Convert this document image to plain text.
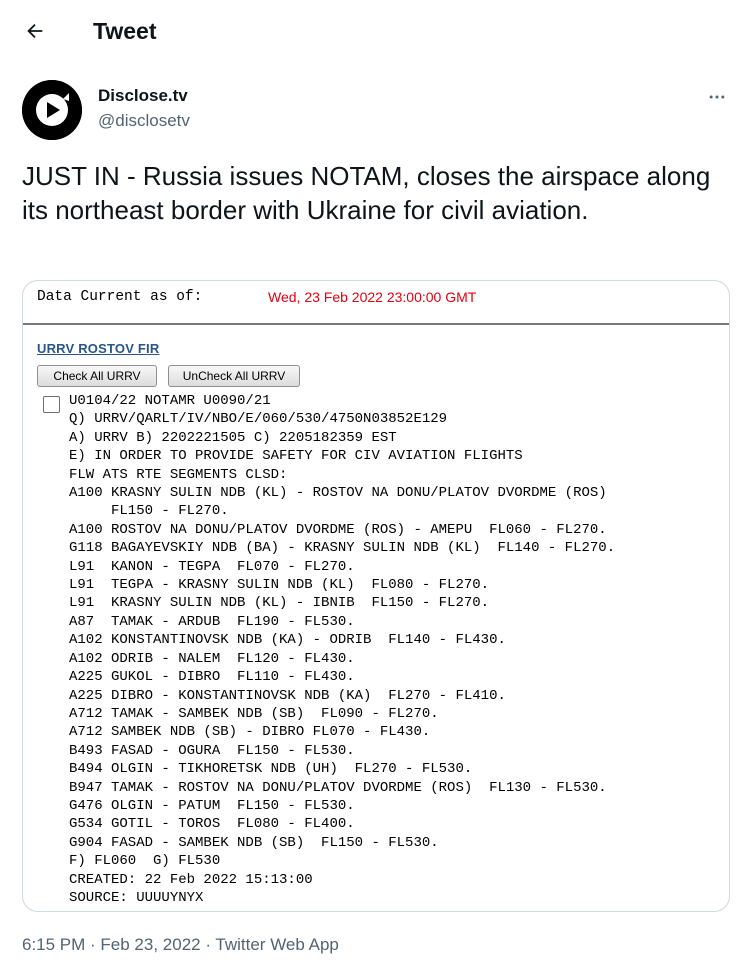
Tweet
Disclose.tv
@disclosetv
JUST IN - Russia issues NOTAM, closes the airspace along its northeast border with Ukraine for civil aviation.
Data Current as of:	Wed, 23 Feb 2022 23:00:00 GMT
URRV ROSTOV FIR
Check All URRV	UnCheck All URRV
U0104/22 NOTAMR U0090/21
Q) URRV/QARLT/IV/NBO/E/060/530/4750N03852E129
A) URRV B) 2202221505 C) 2205182359 EST
E) IN ORDER TO PROVIDE SAFETY FOR CIV AVIATION FLIGHTS
FLW ATS RTE SEGMENTS CLSD:
A100 KRASNY SULIN NDB (KL) - ROSTOV NA DONU/PLATOV DVORDME (ROS)
FL150 - FL270.
A100 ROSTOV NA DONU/PLATOV DVORDME (ROS) - AMEPU  FL060 - FL270.
G118 BAGAYEVSKIY NDB (BA) - KRASNY SULIN NDB (KL)  FL140 - FL270.
L91  KANON - TEGPA  FL070 - FL270.
L91  TEGPA - KRASNY SULIN NDB (KL)  FL080 - FL270.
L91  KRASNY SULIN NDB (KL) - IBNIB  FL150 - FL270.
A87  TAMAK - ARDUB  FL190 - FL530.
A102 KONSTANTINOVSK NDB (KA) - ODRIB  FL140 - FL430.
A102 ODRIB - NALEM  FL120 - FL430.
A225 GUKOL - DIBRO  FL110 - FL430.
A225 DIBRO - KONSTANTINOVSK NDB (KA)  FL270 - FL410.
A712 TAMAK - SAMBEK NDB (SB)  FL090 - FL270.
A712 SAMBEK NDB (SB) - DIBRO FL070 - FL430.
B493 FASAD - OGURA  FL150 - FL530.
B494 OLGIN - TIKHORETSK NDB (UH)  FL270 - FL530.
B947 TAMAK - ROSTOV NA DONU/PLATOV DVORDME (ROS)  FL130 - FL530.
G476 OLGIN - PATUM  FL150 - FL530.
G534 GOTIL - TOROS  FL080 - FL400.
G904 FASAD - SAMBEK NDB (SB)  FL150 - FL530.
F) FL060  G) FL530
CREATED: 22 Feb 2022 15:13:00
SOURCE: UUUUYNYX
6:15 PM · Feb 23, 2022 · Twitter Web App
